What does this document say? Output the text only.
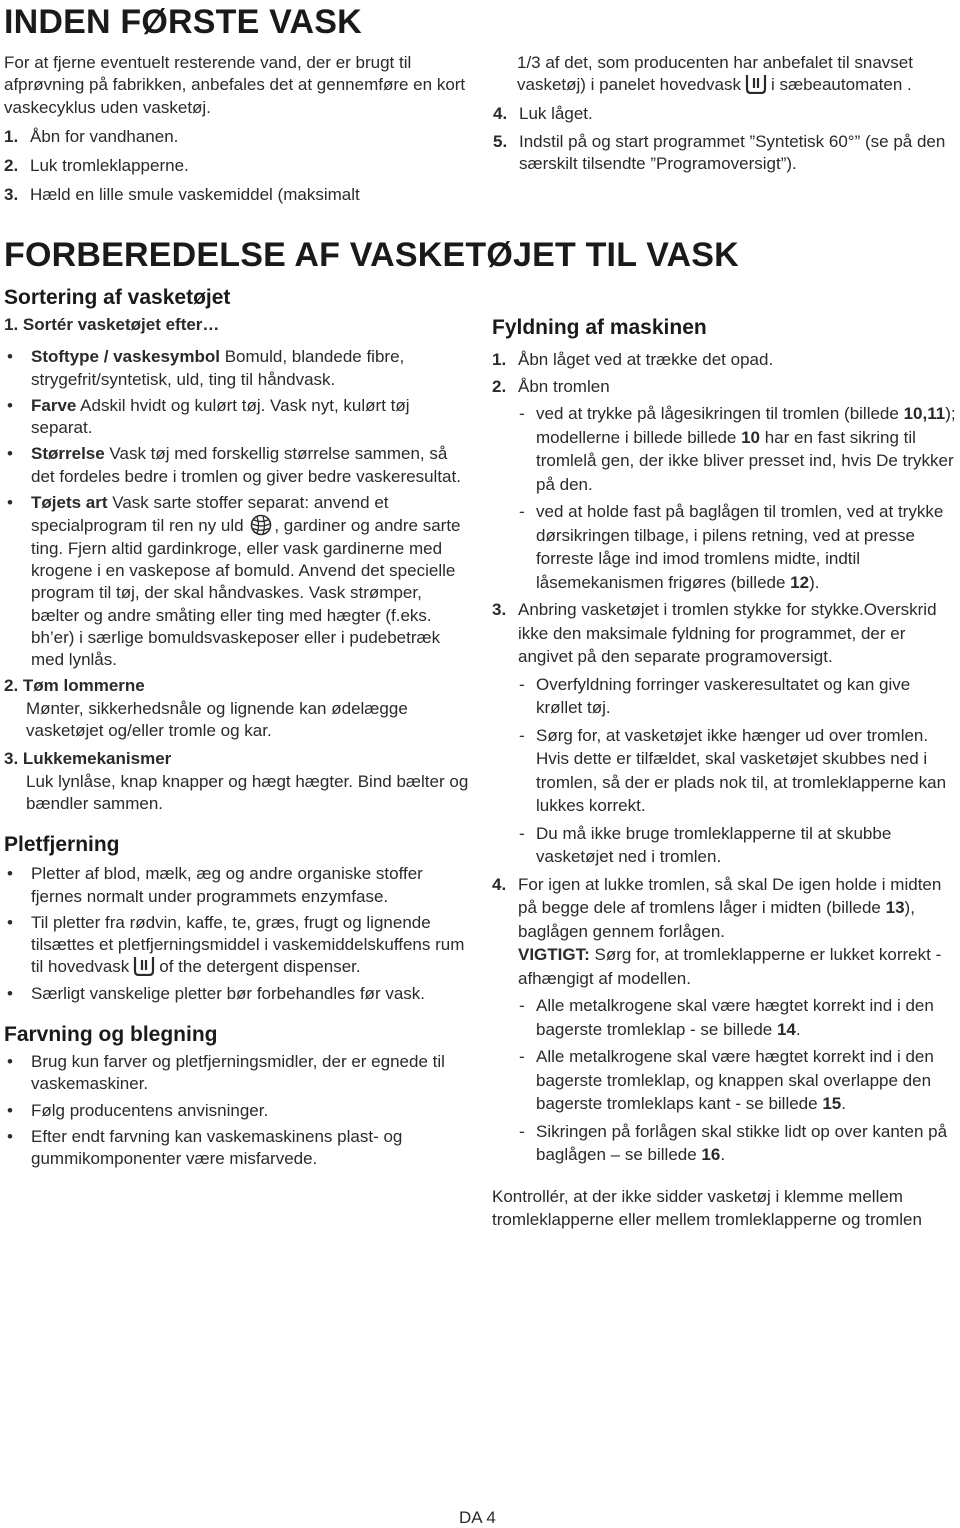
INDEN FØRSTE VASK

For at fjerne eventuelt resterende vand, der er brugt til afprøvning på fabrikken, anbefales det at gennemføre en kort vaskecyklus uden vasketøj.

1. Åbn for vandhanen.
2. Luk tromleklapperne.
3. Hæld en lille smule vaskemiddel (maksimalt

1/3 af det, som producenten har anbefalet til snavset vasketøj) i panelet hovedvask i sæbeautomaten .

4. Luk låget.
5. Indstil på og start programmet ”Syntetisk 60°” (se på den særskilt tilsendte ”Programoversigt”).
FORBEREDELSE AF VASKETØJET TIL VASK
Sortering af vasketøjet
1. Sortér vasketøjet efter…
• Stoftype / vaskesymbol Bomuld, blandede fibre, strygefrit/syntetisk, uld, ting til håndvask.
• Farve Adskil hvidt og kulørt tøj. Vask nyt, kulørt tøj separat.
• Størrelse Vask tøj med forskellig størrelse sammen, så det fordeles bedre i tromlen og giver bedre vaskeresultat.
• Tøjets art Vask sarte stoffer separat: anvend et specialprogram til ren ny uld , gardiner og andre sarte ting. Fjern altid gardinkroge, eller vask gardinerne med krogene i en vaskepose af bomuld. Anvend det specielle program til tøj, der skal håndvaskes. Vask strømper, bælter og andre småting eller ting med hægter (f.eks. bh’er) i særlige bomuldsvaskeposer eller i pudebetræk med lynlås.
2. Tøm lommerne
Mønter, sikkerhedsnåle og lignende kan ødelægge vasketøjet og/eller tromle og kar.
3. Lukkemekanismer
Luk lynlåse, knap knapper og hægt hægter. Bind bælter og bændler sammen.
Pletfjerning
• Pletter af blod, mælk, æg og andre organiske stoffer fjernes normalt under programmets enzymfase.
• Til pletter fra rødvin, kaffe, te, græs, frugt og lignende tilsættes et pletfjerningsmiddel i vaskemiddelskuffens rum til hovedvask of the detergent dispenser.
• Særligt vanskelige pletter bør forbehandles før vask.
Farvning og blegning
• Brug kun farver og pletfjerningsmidler, der er egnede til vaskemaskiner.
• Følg producentens anvisninger.
• Efter endt farvning kan vaskemaskinens plast- og gummikomponenter være misfarvede.
Fyldning af maskinen
1. Åbn låget ved at trække det opad.
2. Åbn tromlen
- ved at trykke på lågesikringen til tromlen (billede 10,11); modellerne i billede billede 10 har en fast sikring til tromlelå gen, der ikke bliver presset ind, hvis De trykker på den.
- ved at holde fast på baglågen til tromlen, ved at trykke dørsikringen tilbage, i pilens retning, ved at presse forreste låge ind imod tromlens midte, indtil låsemekanismen frigøres (billede 12).
3. Anbring vasketøjet i tromlen stykke for stykke.Overskrid ikke den maksimale fyldning for programmet, der er angivet på den separate programoversigt.
- Overfyldning forringer vaskeresultatet og kan give krøllet tøj.
- Sørg for, at vasketøjet ikke hænger ud over tromlen. Hvis dette er tilfældet, skal vasketøjet skubbes ned i tromlen, så der er plads nok til, at tromleklapperne kan lukkes korrekt.
- Du må ikke bruge tromleklapperne til at skubbe vasketøjet ned i tromlen.
4. For igen at lukke tromlen, så skal De igen holde i midten på begge dele af tromlens låger i midten (billede 13), baglågen gennem forlågen.
VIGTIGT: Sørg for, at tromleklapperne er lukket korrekt - afhængigt af modellen.
- Alle metalkrogene skal være hægtet korrekt ind i den bagerste tromleklap - se billede 14.
- Alle metalkrogene skal være hægtet korrekt ind i den bagerste tromleklap, og knappen skal overlappe den bagerste tromleklaps kant - se billede 15.
- Sikringen på forlågen skal stikke lidt op over kanten på baglågen – se billede 16.

Kontrollér, at der ikke sidder vasketøj i klemme mellem tromleklapperne eller mellem tromleklapperne og tromlen

DA 4
